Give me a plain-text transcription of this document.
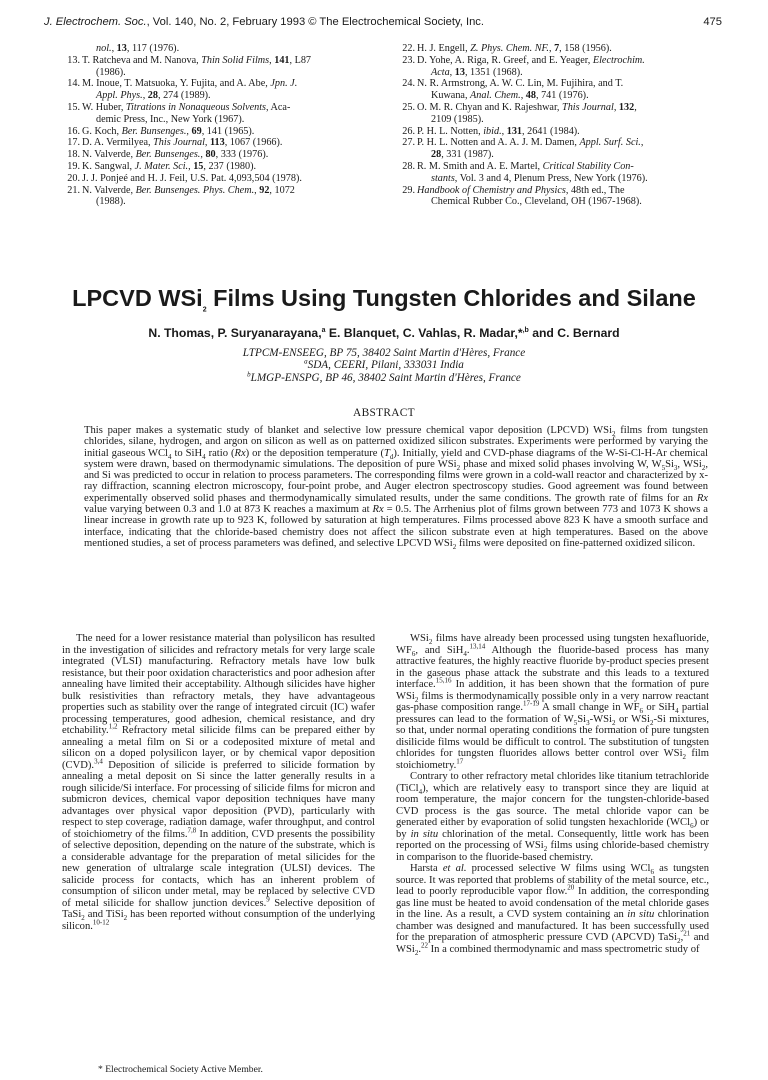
J. Electrochem. Soc., Vol. 140, No. 2, February 1993 © The Electrochemical Society, Inc.	475
nol., 13, 117 (1976).
13. T. Ratcheva and M. Nanova, Thin Solid Films, 141, L87
(1986).
14. M. Inoue, T. Matsuoka, Y. Fujita, and A. Abe, Jpn. J.
Appl. Phys., 28, 274 (1989).
15. W. Huber, Titrations in Nonaqueous Solvents, Aca-
demic Press, Inc., New York (1967).
16. G. Koch, Ber. Bunsenges., 69, 141 (1965).
17. D. A. Vermilyea, This Journal, 113, 1067 (1966).
18. N. Valverde, Ber. Bunsenges., 80, 333 (1976).
19. K. Sangwal, J. Mater. Sci., 15, 237 (1980).
20. J. J. Ponjeé and H. J. Feil, U.S. Pat. 4,093,504 (1978).
21. N. Valverde, Ber. Bunsenges. Phys. Chem., 92, 1072
(1988).
22. H. J. Engell, Z. Phys. Chem. NF., 7, 158 (1956).
23. D. Yohe, A. Riga, R. Greef, and E. Yeager, Electrochim.
Acta, 13, 1351 (1968).
24. N. R. Armstrong, A. W. C. Lin, M. Fujihira, and T.
Kuwana, Anal. Chem., 48, 741 (1976).
25. O. M. R. Chyan and K. Rajeshwar, This Journal, 132,
2109 (1985).
26. P. H. L. Notten, ibid., 131, 2641 (1984).
27. P. H. L. Notten and A. A. J. M. Damen, Appl. Surf. Sci.,
28, 331 (1987).
28. R. M. Smith and A. E. Martel, Critical Stability Con-
stants, Vol. 3 and 4, Plenum Press, New York (1976).
29. Handbook of Chemistry and Physics, 48th ed., The
Chemical Rubber Co., Cleveland, OH (1967-1968).
LPCVD WSi$_2$ Films Using Tungsten Chlorides and Silane
N. Thomas, P. Suryanarayana,$^a$ E. Blanquet, C. Vahlas, R. Madar,*$^{,b}$ and C. Bernard
LTPCM-ENSEEG, BP 75, 38402 Saint Martin d'Hères, France
$^a$SDA, CEERI, Pilani, 333031 India
$^b$LMGP-ENSPG, BP 46, 38402 Saint Martin d'Hères, France
ABSTRACT
This paper makes a systematic study of blanket and selective low pressure chemical vapor deposition (LPCVD) WSi$_2$ films from tungsten chlorides, silane, hydrogen, and argon on silicon as well as on patterned oxidized silicon substrates. Experiments were performed by varying the initial gaseous WCl$_4$ to SiH$_4$ ratio (Rx) or the deposition temperature $(T_d)$. Initially, yield and CVD-phase diagrams of the W-Si-Cl-H-Ar chemical system were drawn, based on thermodynamic simulations. The deposition of pure WSi$_2$ phase and mixed solid phases involving W, $W_5Si_3$, WSi$_2$, and Si was predicted to occur in relation to process parameters. The corresponding films were grown in a cold-wall reactor and characterized by x-ray diffraction, scanning electron microscopy, four-point probe, and Auger electron spectroscopy studies. Good agreement was found between experimentally observed solid phases and thermodynamically simulated results, under the same conditions. The growth rate of films for an Rx value varying between 0.3 and 1.0 at 873 K reaches a maximum at Rx = 0.5. The Arrhenius plot of films grown between 773 and 1073 K shows a linear increase in growth rate up to 923 K, followed by saturation at high temperatures. Films processed above 823 K have a smooth surface and interface, indicating that the chloride-based chemistry does not affect the silicon substrate even at high temperatures. Based on the above mentioned studies, a set of process parameters was defined, and selective LPCVD WSi$_2$ films were deposited on fine-patterned oxidized silicon.

The need for a lower resistance material than polysilicon has resulted in the investigation of silicides and refractory metals for very large scale integrated (VLSI) manufacturing. Refractory metals have low bulk resistance, but their poor oxidation characteristics and poor adhesion after annealing have limited their acceptability. Although silicides have higher bulk resistivities than refractory metals, they have advantageous properties such as stability over the range of integrated circuit (IC) wafer processing temperatures, good adhesion, chemical resistance, and dry etchability.$^{1,2}$ Refractory metal silicide films can be prepared either by annealing a metal film on Si or a codeposited mixture of metal and silicon on a doped polysilicon layer, or by chemical vapor deposition (CVD).$^{3,4}$ Deposition of silicide is preferred to silicide formation by annealing a metal deposit on Si since the latter generally results in a rough silicide/Si interface. For processing of silicide films for micron and submicron devices, chemical vapor deposition techniques have many advantages over physical vapor deposition (PVD), particularly with respect to step coverage, radiation damage, wafer throughput, and control of stoichiometry of the films.$^{7,8}$ In addition, CVD presents the possibility of selective deposition, depending on the nature of the substrate, which is a considerable advantage for the preparation of metal silicides for the new generation of ultralarge scale integration (ULSI) devices. The salicide process for contacts, which has an inherent problem of consumption of silicon under metal, may be replaced by selective CVD of metal silicide for shallow junction devices.$^9$ Selective deposition of TaSi$_2$ and TiSi$_2$ has been reported without consumption of the underlying silicon.$^{10-12}$

WSi$_2$ films have already been processed using tungsten hexafluoride, $WF_6$, and SiH$_4$.$^{13,14}$ Although the fluoride-based process has many attractive features, the highly reactive fluoride by-product species present in the gaseous phase attack the substrate and this leads to a textured interface.$^{15,16}$ In addition, it has been shown that the formation of pure WSi$_2$ films is thermodynamically possible only in a very narrow reactant gas-phase composition range.$^{17-19}$ A small change in $WF_6$ or SiH$_4$ partial pressures can lead to the formation of $W_5Si_3-WSi_2$ or WSi$_2$-Si mixtures, so that, under normal operating conditions the formation of pure tungsten disilicide films would be difficult to control. The substitution of tungsten chlorides for tungsten fluorides allows better control over WSi$_2$ film stoichiometry.$^{17}$

Contrary to other refractory metal chlorides like titanium tetrachloride (TiCl$_4$), which are relatively easy to transport since they are liquid at room temperature, the major concern for the tungsten-chloride-based CVD process is the gas source. The metal chloride vapor can be generated either by evaporation of solid tungsten hexachloride (WCl$_6$) or by in situ chlorination of the metal. Consequently, little work has been reported on the processing of WSi$_2$ films using chloride-based chemistry in comparison to the fluoride-based chemistry.

Harsta et al. processed selective W films using WCl$_6$ as tungsten source. It was reported that problems of stability of the metal source, etc., lead to poorly reproducible vapor flow.$^{20}$ In addition, the corresponding gas line must be heated to avoid condensation of the metal chloride gases in the line. As a result, a CVD system containing an in situ chlorination chamber was designed and manufactured. It has been successfully used for the preparation of atmospheric pressure CVD (APCVD) TaSi$_2$,$^{21}$ and WSi$_2$.$^{22}$ In a combined thermodynamic and mass spectrometric study of

* Electrochemical Society Active Member.
